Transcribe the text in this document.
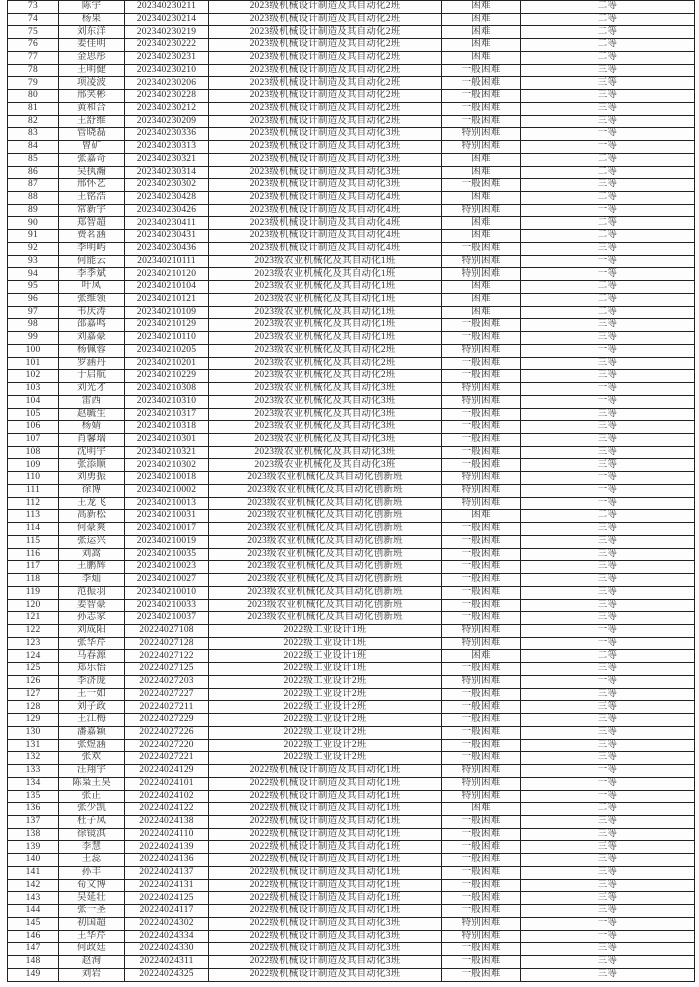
73	陈宇	202340230211	2023级机械设计制造及其自动化2班	困难	二等
74	杨果	202340230214	2023级机械设计制造及其自动化2班	困难	二等
75	刘东洋	202340230219	2023级机械设计制造及其自动化2班	困难	二等
76	姜佳明	202340230222	2023级机械设计制造及其自动化2班	困难	二等
77	金思彤	202340230231	2023级机械设计制造及其自动化2班	困难	二等
78	王明健	202340230210	2023级机械设计制造及其自动化2班	一般困难	三等
79	项凌波	202340230206	2023级机械设计制造及其自动化2班	一般困难	三等
80	邢笑彬	202340230228	2023级机械设计制造及其自动化2班	一般困难	三等
81	黄和合	202340230212	2023级机械设计制造及其自动化2班	一般困难	三等
82	王舒维	202340230209	2023级机械设计制造及其自动化2班	一般困难	三等
83	管晓磊	202340230336	2023级机械设计制造及其自动化3班	特别困难	一等
84	曾矿	202340230313	2023级机械设计制造及其自动化3班	特别困难	一等
85	张嘉奇	202340230321	2023级机械设计制造及其自动化3班	困难	二等
86	吴执瀚	202340230314	2023级机械设计制造及其自动化3班	困难	二等
87	邢怀艺	202340230302	2023级机械设计制造及其自动化3班	一般困难	三等
88	王铭浩	202340230428	2023级机械设计制造及其自动化4班	困难	二等
89	常新宇	202340230426	2023级机械设计制造及其自动化4班	特别困难	一等
90	郑智超	202340230411	2023级机械设计制造及其自动化4班	困难	二等
91	费茗涵	202340230431	2023级机械设计制造及其自动化4班	困难	二等
92	李明屿	202340230436	2023级机械设计制造及其自动化4班	一般困难	三等
93	何能云	202340210111	2023级农业机械化及其自动化1班	特别困难	一等
94	李季斌	202340210120	2023级农业机械化及其自动化1班	特别困难	一等
95	叶凤	202340210104	2023级农业机械化及其自动化1班	困难	二等
96	张维领	202340210121	2023级农业机械化及其自动化1班	困难	二等
97	韦庆涛	202340210109	2023级农业机械化及其自动化1班	困难	二等
98	邵嘉鸣	202340210129	2023级农业机械化及其自动化1班	一般困难	三等
99	刘嘉豪	202340210110	2023级农业机械化及其自动化1班	一般困难	三等
100	杨佩蓉	202340210205	2023级农业机械化及其自动化2班	特别困难	一等
101	罗涵丹	202340210201	2023级农业机械化及其自动化2班	一般困难	三等
102	于启航	202340210229	2023级农业机械化及其自动化2班	一般困难	三等
103	刘光才	202340210308	2023级农业机械化及其自动化3班	特别困难	一等
104	雷西	202340210310	2023级农业机械化及其自动化3班	特别困难	一等
105	赵毓生	202340210317	2023级农业机械化及其自动化3班	一般困难	三等
106	杨婧	202340210318	2023级农业机械化及其自动化3班	一般困难	三等
107	肖馨瑞	202340210301	2023级农业机械化及其自动化3班	一般困难	三等
108	沈明宇	202340210321	2023级农业机械化及其自动化3班	一般困难	三等
109	张添顺	202340210302	2023级农业机械化及其自动化3班	一般困难	三等
110	刘勇振	202340210018	2023级农业机械化及其自动化创新班	特别困难	一等
111	徐博	202340210002	2023级农业机械化及其自动化创新班	特别困难	一等
112	王龙飞	202340210013	2023级农业机械化及其自动化创新班	特别困难	一等
113	高新松	202340210031	2023级农业机械化及其自动化创新班	困难	二等
114	何豪爽	202340210017	2023级农业机械化及其自动化创新班	一般困难	三等
115	张运兴	202340210019	2023级农业机械化及其自动化创新班	一般困难	三等
116	刘嵩	202340210035	2023级农业机械化及其自动化创新班	一般困难	三等
117	王鹏辉	202340210023	2023级农业机械化及其自动化创新班	一般困难	三等
118	李灿	202340210027	2023级农业机械化及其自动化创新班	一般困难	三等
119	范振羽	202340210010	2023级农业机械化及其自动化创新班	一般困难	三等
120	姜智豪	202340210033	2023级农业机械化及其自动化创新班	一般困难	三等
121	孙志家	202340210037	2023级农业机械化及其自动化创新班	一般困难	三等
122	刘成阳	20224027108	2022级工业设计1班	特别困难	一等
123	张华芹	20224027128	2022级工业设计1班	特别困难	一等
124	马春源	20224027122	2022级工业设计1班	困难	二等
125	郑乐怡	20224027125	2022级工业设计1班	一般困难	三等
126	李济庞	20224027203	2022级工业设计2班	特别困难	一等
127	王一如	20224027227	2022级工业设计2班	一般困难	三等
128	刘子政	20224027211	2022级工业设计2班	一般困难	三等
129	王江梅	20224027229	2022级工业设计2班	一般困难	三等
130	潘嘉颖	20224027226	2022级工业设计2班	一般困难	三等
131	张煜涵	20224027220	2022级工业设计2班	一般困难	三等
132	张欢	20224027221	2022级工业设计2班	一般困难	三等
133	汪翔宇	20224024129	2022级机械设计制造及其自动化1班	特别困难	一等
134	陈枭王昊	20224024101	2022级机械设计制造及其自动化1班	特别困难	一等
135	张正	20224024102	2022级机械设计制造及其自动化1班	特别困难	一等
136	张少凯	20224024122	2022级机械设计制造及其自动化1班	困难	二等
137	杜子凤	20224024138	2022级机械设计制造及其自动化1班	一般困难	三等
138	徐镜淇	20224024110	2022级机械设计制造及其自动化1班	一般困难	三等
139	李慧	20224024139	2022级机械设计制造及其自动化1班	一般困难	三等
140	王蕊	20224024136	2022级机械设计制造及其自动化1班	一般困难	三等
141	孙丰	20224024137	2022级机械设计制造及其自动化1班	一般困难	三等
142	荀文博	20224024131	2022级机械设计制造及其自动化1班	一般困难	三等
143	吴延壮	20224024125	2022级机械设计制造及其自动化1班	一般困难	三等
144	张一圣	20224024117	2022级机械设计制造及其自动化1班	一般困难	三等
145	初国超	20224024302	2022级机械设计制造及其自动化3班	特别困难	一等
146	王华芹	20224024334	2022级机械设计制造及其自动化3班	特别困难	一等
147	何政廷	20224024330	2022级机械设计制造及其自动化3班	一般困难	三等
148	赵洵	20224024311	2022级机械设计制造及其自动化3班	一般困难	三等
149	刘岩	20224024325	2022级机械设计制造及其自动化3班	一般困难	三等
